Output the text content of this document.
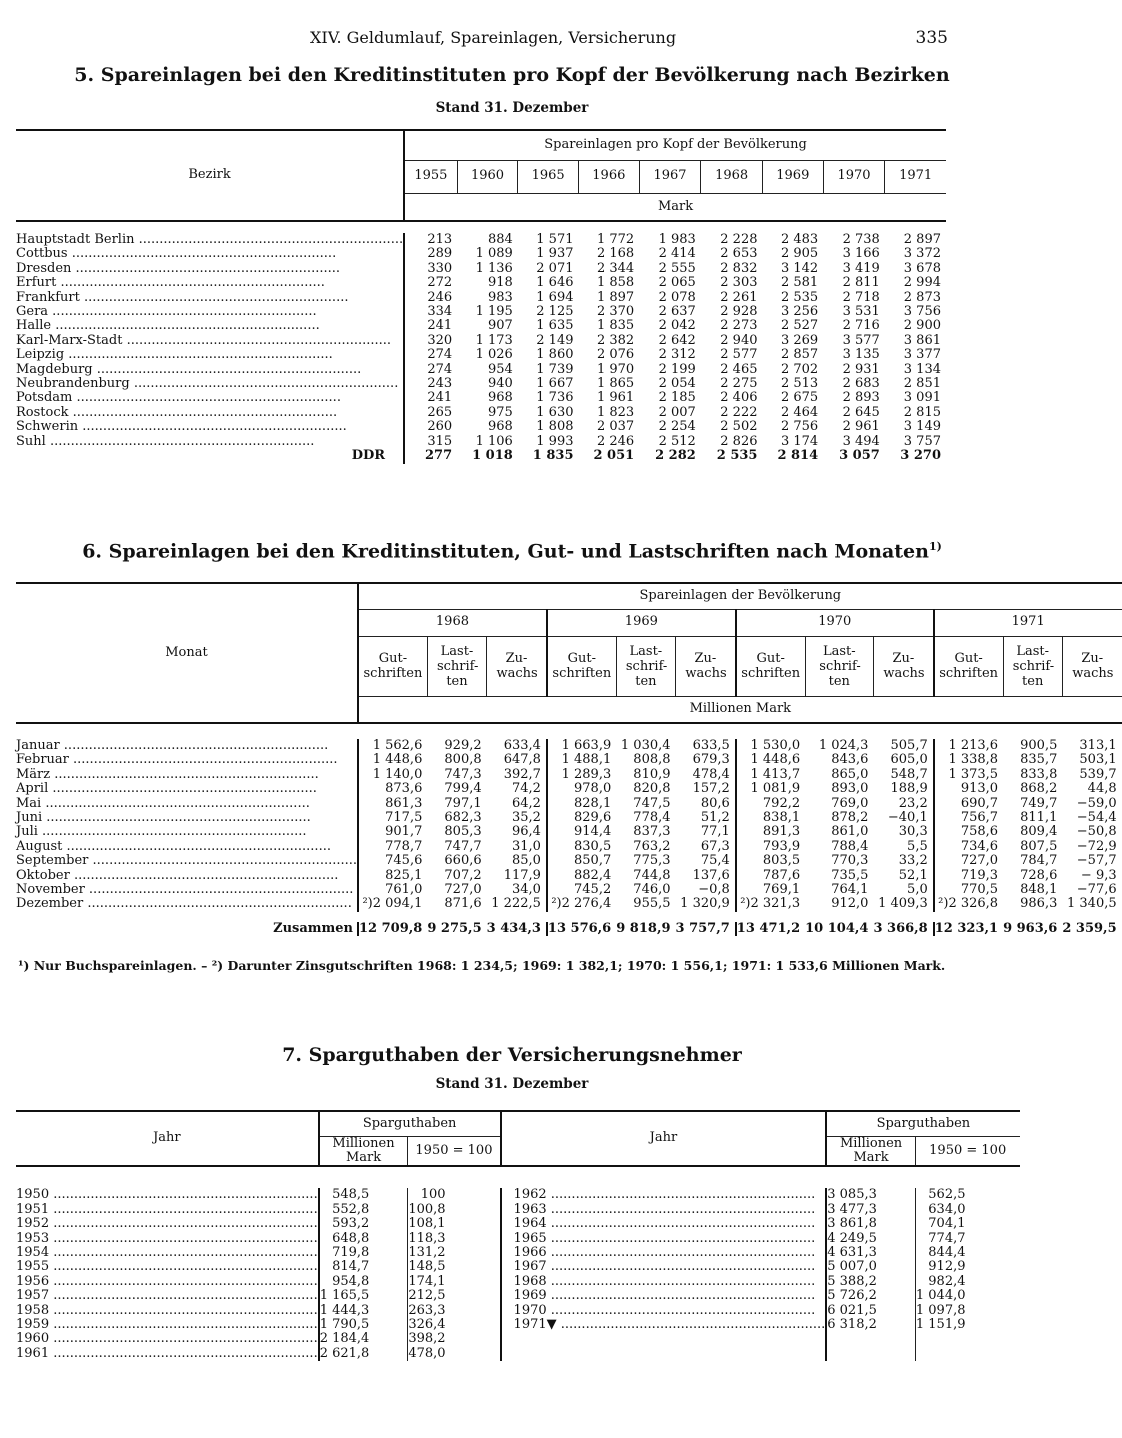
XIV. Geldumlauf, Spareinlagen, Versicherung	335
5. Spareinlagen bei den Kreditinstituten pro Kopf der Bevölkerung nach Bezirken
Stand 31. Dezember
Bezirk	Spareinlagen pro Kopf der Bevölkerung								
	1955	1960	1965	1966	1967	1968	1969	1970	1971
	Mark								

Hauptstadt Berlin .....	213	884	1 571	1 772	1 983	2 228	2 483	2 738	2 897
Cottbus .....	289	1 089	1 937	2 168	2 414	2 653	2 905	3 166	3 372
Dresden .....	330	1 136	2 071	2 344	2 555	2 832	3 142	3 419	3 678
Erfurt .....	272	918	1 646	1 858	2 065	2 303	2 581	2 811	2 994
Frankfurt .....	246	983	1 694	1 897	2 078	2 261	2 535	2 718	2 873
Gera .....	334	1 195	2 125	2 370	2 637	2 928	3 256	3 531	3 756
Halle .....	241	907	1 635	1 835	2 042	2 273	2 527	2 716	2 900
Karl-Marx-Stadt .....	320	1 173	2 149	2 382	2 642	2 940	3 269	3 577	3 861
Leipzig .....	274	1 026	1 860	2 076	2 312	2 577	2 857	3 135	3 377
Magdeburg .....	274	954	1 739	1 970	2 199	2 465	2 702	2 931	3 134
Neubrandenburg .....	243	940	1 667	1 865	2 054	2 275	2 513	2 683	2 851
Potsdam .....	241	968	1 736	1 961	2 185	2 406	2 675	2 893	3 091
Rostock .....	265	975	1 630	1 823	2 007	2 222	2 464	2 645	2 815
Schwerin .....	260	968	1 808	2 037	2 254	2 502	2 756	2 961	3 149
Suhl .....	315	1 106	1 993	2 246	2 512	2 826	3 174	3 494	3 757
DDR	277	1 018	1 835	2 051	2 282	2 535	2 814	3 057	3 270
6. Spareinlagen bei den Kreditinstituten, Gut- und Lastschriften nach Monaten$^{1)}$
Monat	Spareinlagen der Bevölkerung											
	1968			1969			1970			1971		
	Gut- schriften	Last- schrif- ten	Zu- wachs	Gut- schriften	Last- schrif- ten	Zu- wachs	Gut- schriften	Last- schrif- ten	Zu- wachs	Gut- schriften	Last- schrif- ten	Zu- wachs
	Millionen Mark											

Januar .....	1 562,6	929,2	633,4	1 663,9	1 030,4	633,5	1 530,0	1 024,3	505,7	1 213,6	900,5	313,1
Februar .....	1 448,6	800,8	647,8	1 488,1	808,8	679,3	1 448,6	843,6	605,0	1 338,8	835,7	503,1
März .....	1 140,0	747,3	392,7	1 289,3	810,9	478,4	1 413,7	865,0	548,7	1 373,5	833,8	539,7
April .....	873,6	799,4	74,2	978,0	820,8	157,2	1 081,9	893,0	188,9	913,0	868,2	44,8
Mai .....	861,3	797,1	64,2	828,1	747,5	80,6	792,2	769,0	23,2	690,7	749,7	−59,0
Juni .....	717,5	682,3	35,2	829,6	778,4	51,2	838,1	878,2	−40,1	756,7	811,1	−54,4
Juli .....	901,7	805,3	96,4	914,4	837,3	77,1	891,3	861,0	30,3	758,6	809,4	−50,8
August .....	778,7	747,7	31,0	830,5	763,2	67,3	793,9	788,4	5,5	734,6	807,5	−72,9
September .....	745,6	660,6	85,0	850,7	775,3	75,4	803,5	770,3	33,2	727,0	784,7	−57,7
Oktober .....	825,1	707,2	117,9	882,4	744,8	137,6	787,6	735,5	52,1	719,3	728,6	− 9,3
November .....	761,0	727,0	34,0	745,2	746,0	−0,8	769,1	764,1	5,0	770,5	848,1	−77,6
Dezember .....	²)2 094,1	871,6	1 222,5	²)2 276,4	955,5	1 320,9	²)2 321,3	912,0	1 409,3	²)2 326,8	986,3	1 340,5

Zusammen	12 709,8	9 275,5	3 434,3	13 576,6	9 818,9	3 757,7	13 471,2	10 104,4	3 366,8	12 323,1	9 963,6	2 359,5
¹) Nur Buchspareinlagen. – ²) Darunter Zinsgutschriften 1968: 1 234,5; 1969: 1 382,1; 1970: 1 556,1; 1971: 1 533,6 Millionen Mark.
7. Sparguthaben der Versicherungsnehmer
Stand 31. Dezember
Jahr	Sparguthaben		Jahr	Sparguthaben	
	Millionen Mark	1950 = 100		Millionen Mark	1950 = 100

1950 .....	548,5	100	1962 .....	3 085,3	562,5
1951 .....	552,8	100,8	1963 .....	3 477,3	634,0
1952 .....	593,2	108,1	1964 .....	3 861,8	704,1
1953 .....	648,8	118,3	1965 .....	4 249,5	774,7
1954 .....	719,8	131,2	1966 .....	4 631,3	844,4
1955 .....	814,7	148,5	1967 .....	5 007,0	912,9
1956 .....	954,8	174,1	1968 .....	5 388,2	982,4
1957 .....	1 165,5	212,5	1969 .....	5 726,2	1 044,0
1958 .....	1 444,3	263,3	1970 .....	6 021,5	1 097,8
1959 .....	1 790,5	326,4	1971▼ .....	6 318,2	1 151,9
1960 .....	2 184,4	398,2			
1961 .....	2 621,8	478,0			
